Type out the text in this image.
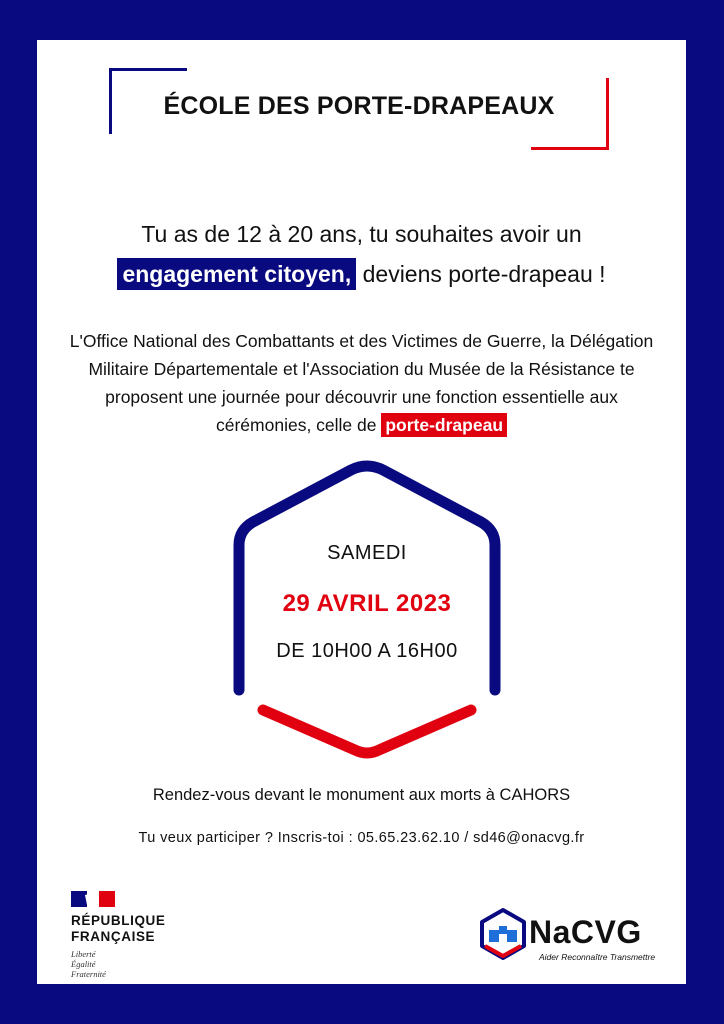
ÉCOLE DES PORTE-DRAPEAUX
Tu as de 12 à 20 ans, tu souhaites avoir un
engagement citoyen, deviens porte-drapeau !
L'Office National des Combattants et des Victimes de Guerre, la Délégation Militaire Départementale et l'Association du Musée de la Résistance te proposent une journée pour découvrir une fonction essentielle aux cérémonies, celle de porte-drapeau
SAMEDI
29 AVRIL 2023
DE 10H00 A 16H00
Rendez-vous devant le monument aux morts à CAHORS
Tu veux participer ? Inscris-toi : 05.65.23.62.10 / sd46@onacvg.fr
RÉPUBLIQUE
FRANÇAISE
Liberté
Égalité
Fraternité
NaCVG
Aider Reconnaître Transmettre
